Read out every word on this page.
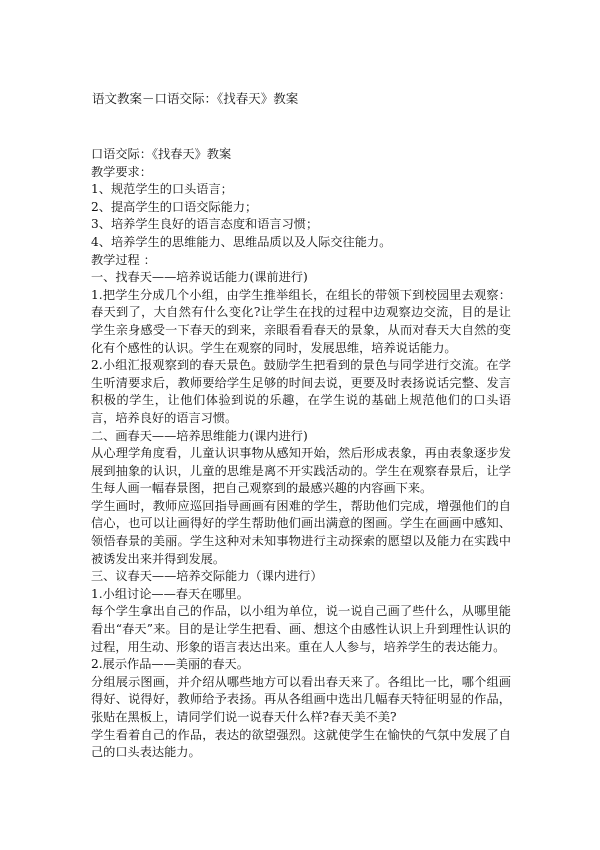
语文教案－口语交际：《找春天》教案
口语交际：《找春天》教案
教学要求：
1、规范学生的口头语言；
2、提高学生的口语交际能力；
3、培养学生良好的语言态度和语言习惯；
4、培养学生的思维能力、思维品质以及人际交往能力。
教学过程 ：
一、找春天——培养说话能力(课前进行)
1.把学生分成几个小组，由学生推举组长，在组长的带领下到校园里去观察：春天到了，大自然有什么变化?让学生在找的过程中边观察边交流，目的是让学生亲身感受一下春天的到来，亲眼看看春天的景象，从而对春天大自然的变化有个感性的认识。学生在观察的同时，发展思维，培养说话能力。
2.小组汇报观察到的春天景色。鼓励学生把看到的景色与同学进行交流。在学生听清要求后，教师要给学生足够的时间去说，更要及时表扬说话完整、发言积极的学生，让他们体验到说的乐趣，在学生说的基础上规范他们的口头语言，培养良好的语言习惯。
二、画春天——培养思维能力(课内进行)
从心理学角度看，儿童认识事物从感知开始，然后形成表象，再由表象逐步发展到抽象的认识，儿童的思维是离不开实践活动的。学生在观察春景后，让学生每人画一幅春景图，把自己观察到的最感兴趣的内容画下来。
学生画时，教师应巡回指导画画有困难的学生，帮助他们完成，增强他们的自信心，也可以让画得好的学生帮助他们画出满意的图画。学生在画画中感知、领悟春景的美丽。学生这种对未知事物进行主动探索的愿望以及能力在实践中被诱发出来并得到发展。
三、议春天——培养交际能力（课内进行）
1.小组讨论——春天在哪里。
每个学生拿出自己的作品，以小组为单位，说一说自己画了些什么，从哪里能看出“春天”来。目的是让学生把看、画、想这个由感性认识上升到理性认识的过程，用生动、形象的语言表达出来。重在人人参与，培养学生的表达能力。
2.展示作品——美丽的春天。
分组展示图画，并介绍从哪些地方可以看出春天来了。各组比一比，哪个组画得好、说得好，教师给予表扬。再从各组画中选出几幅春天特征明显的作品，张贴在黑板上，请同学们说一说春天什么样?春天美不美?
学生看着自己的作品，表达的欲望强烈。这就使学生在愉快的气氛中发展了自己的口头表达能力。
